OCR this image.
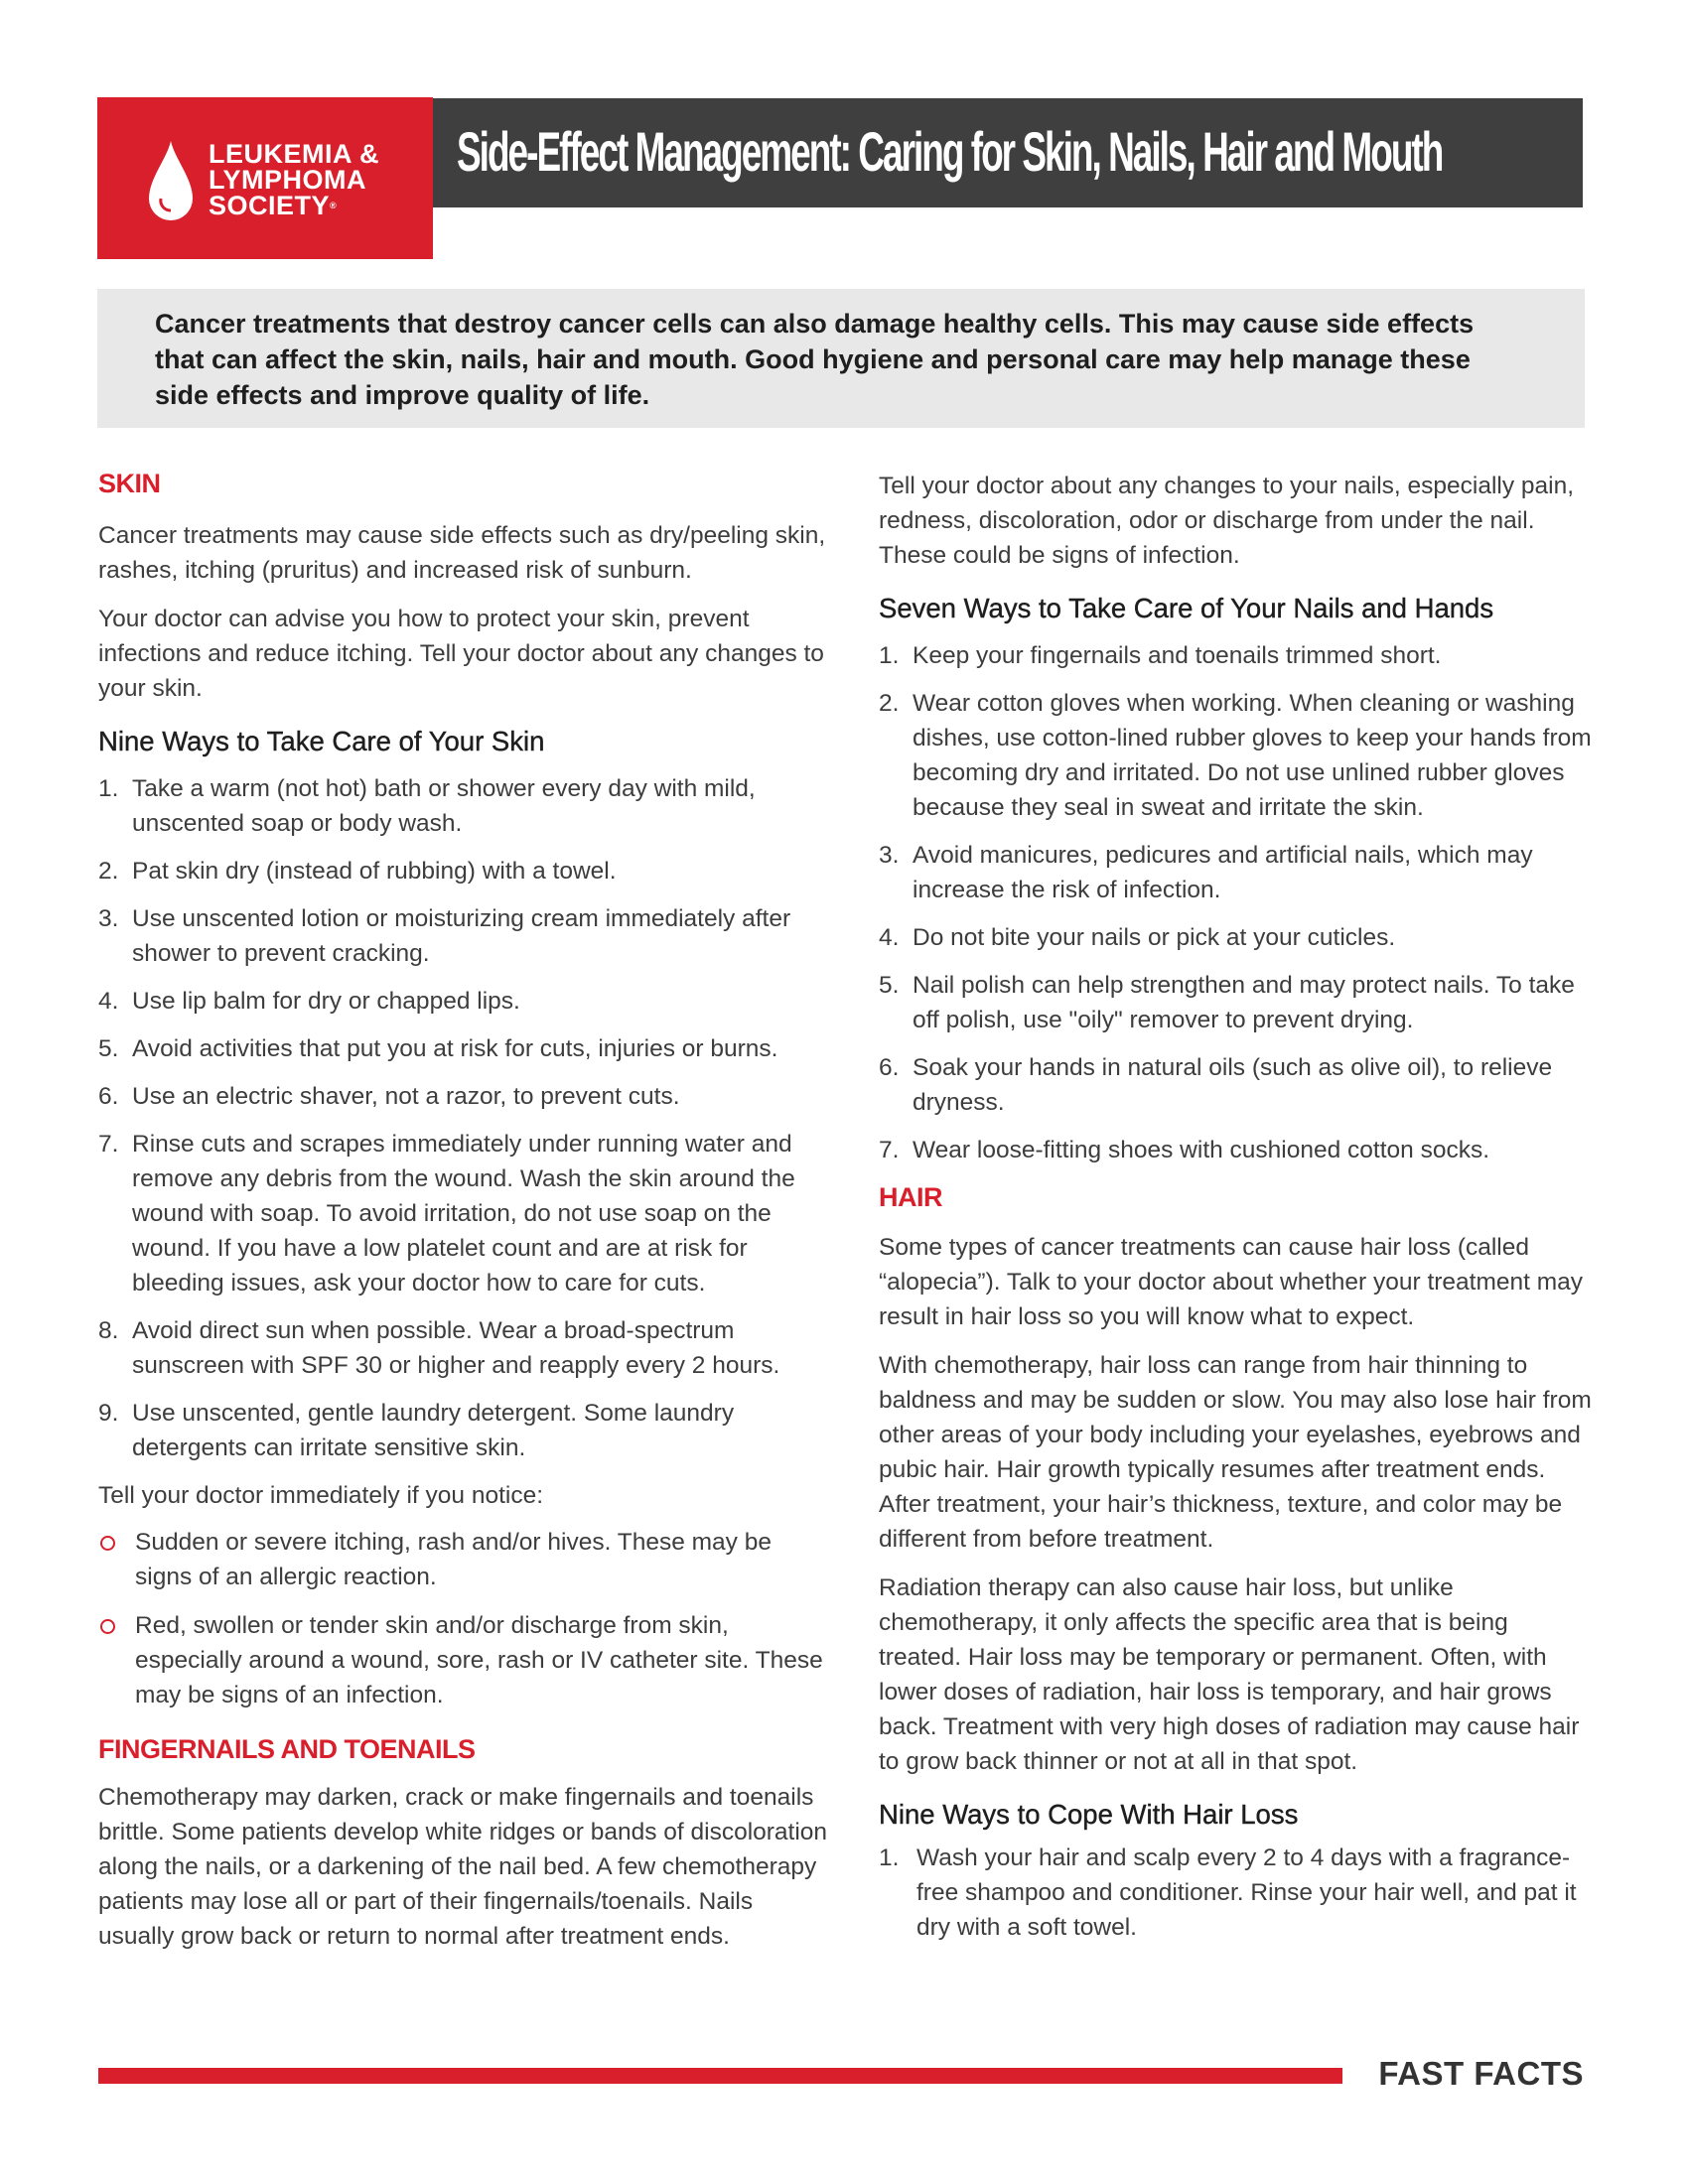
LEUKEMIA &
LYMPHOMA
SOCIETY®
Side-Effect Management: Caring for Skin, Nails, Hair and Mouth

Cancer treatments that destroy cancer cells can also damage healthy cells. This may cause side effects that can affect the skin, nails, hair and mouth. Good hygiene and personal care may help manage these side effects and improve quality of life.

SKIN

Cancer treatments may cause side effects such as dry/peeling skin, rashes, itching (pruritus) and increased risk of sunburn.

Your doctor can advise you how to protect your skin, prevent infections and reduce itching. Tell your doctor about any changes to your skin.

Nine Ways to Take Care of Your Skin
1. Take a warm (not hot) bath or shower every day with mild, unscented soap or body wash.
2. Pat skin dry (instead of rubbing) with a towel.
3. Use unscented lotion or moisturizing cream immediately after shower to prevent cracking.
4. Use lip balm for dry or chapped lips.
5. Avoid activities that put you at risk for cuts, injuries or burns.
6. Use an electric shaver, not a razor, to prevent cuts.
7. Rinse cuts and scrapes immediately under running water and remove any debris from the wound. Wash the skin around the wound with soap. To avoid irritation, do not use soap on the wound. If you have a low platelet count and are at risk for bleeding issues, ask your doctor how to care for cuts.
8. Avoid direct sun when possible. Wear a broad-spectrum sunscreen with SPF 30 or higher and reapply every 2 hours.
9. Use unscented, gentle laundry detergent. Some laundry detergents can irritate sensitive skin.

Tell your doctor immediately if you notice:

Sudden or severe itching, rash and/or hives. These may be signs of an allergic reaction.
Red, swollen or tender skin and/or discharge from skin, especially around a wound, sore, rash or IV catheter site. These may be signs of an infection.
FINGERNAILS AND TOENAILS

Chemotherapy may darken, crack or make fingernails and toenails brittle. Some patients develop white ridges or bands of discoloration along the nails, or a darkening of the nail bed. A few chemotherapy patients may lose all or part of their fingernails/toenails. Nails usually grow back or return to normal after treatment ends.

Tell your doctor about any changes to your nails, especially pain, redness, discoloration, odor or discharge from under the nail. These could be signs of infection.

Seven Ways to Take Care of Your Nails and Hands
1. Keep your fingernails and toenails trimmed short.
2. Wear cotton gloves when working. When cleaning or washing dishes, use cotton-lined rubber gloves to keep your hands from becoming dry and irritated. Do not use unlined rubber gloves because they seal in sweat and irritate the skin.
3. Avoid manicures, pedicures and artificial nails, which may increase the risk of infection.
4. Do not bite your nails or pick at your cuticles.
5. Nail polish can help strengthen and may protect nails. To take off polish, use "oily" remover to prevent drying.
6. Soak your hands in natural oils (such as olive oil), to relieve dryness.
7. Wear loose-fitting shoes with cushioned cotton socks.
HAIR

Some types of cancer treatments can cause hair loss (called “alopecia”). Talk to your doctor about whether your treatment may result in hair loss so you will know what to expect.

With chemotherapy, hair loss can range from hair thinning to baldness and may be sudden or slow. You may also lose hair from other areas of your body including your eyelashes, eyebrows and pubic hair. Hair growth typically resumes after treatment ends. After treatment, your hair’s thickness, texture, and color may be different from before treatment.

Radiation therapy can also cause hair loss, but unlike chemotherapy, it only affects the specific area that is being treated. Hair loss may be temporary or permanent. Often, with lower doses of radiation, hair loss is temporary, and hair grows back. Treatment with very high doses of radiation may cause hair to grow back thinner or not at all in that spot.

Nine Ways to Cope With Hair Loss
1. Wash your hair and scalp every 2 to 4 days with a fragrance-free shampoo and conditioner. Rinse your hair well, and pat it dry with a soft towel.
FAST FACTS
